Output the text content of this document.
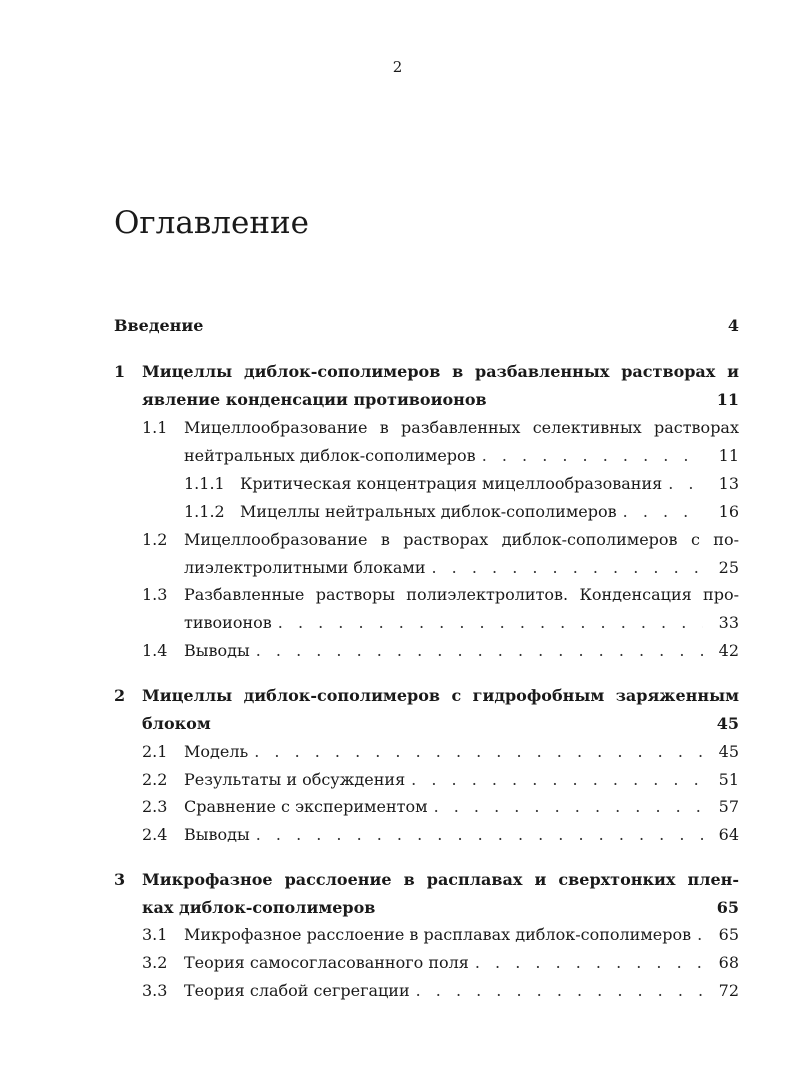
2
Оглавление
Введение	4
1	Мицеллы диблок-сополимеров в разбавленных растворах и
явление конденсации противоионов	11
1.1	Мицеллообразование в разбавленных селективных растворах
нейтральных диблок-сополимеров . . .	11
1.1.1 Критическая концентрация мицеллообразования . . .	13
1.1.2 Мицеллы нейтральных диблок-сополимеров . . .	16
1.2	Мицеллообразование в растворах диблок-сополимеров с по-
лиэлектролитными блоками . . .	25
1.3	Разбавленные растворы полиэлектролитов. Конденсация про-
тивоионов . . .	33
1.4	Выводы . . .	42
2	Мицеллы диблок-сополимеров с гидрофобным заряженным
блоком	45
2.1	Модель . . .	45
2.2	Результаты и обсуждения . . .	51
2.3	Сравнение с экспериментом . . .	57
2.4	Выводы . . .	64
3	Микрофазное расслоение в расплавах и сверхтонких плен-
ках диблок-сополимеров	65
3.1	Микрофазное расслоение в расплавах диблок-сополимеров . . .	65
3.2	Теория самосогласованного поля . . .	68
3.3	Теория слабой сегрегации . . .	72
